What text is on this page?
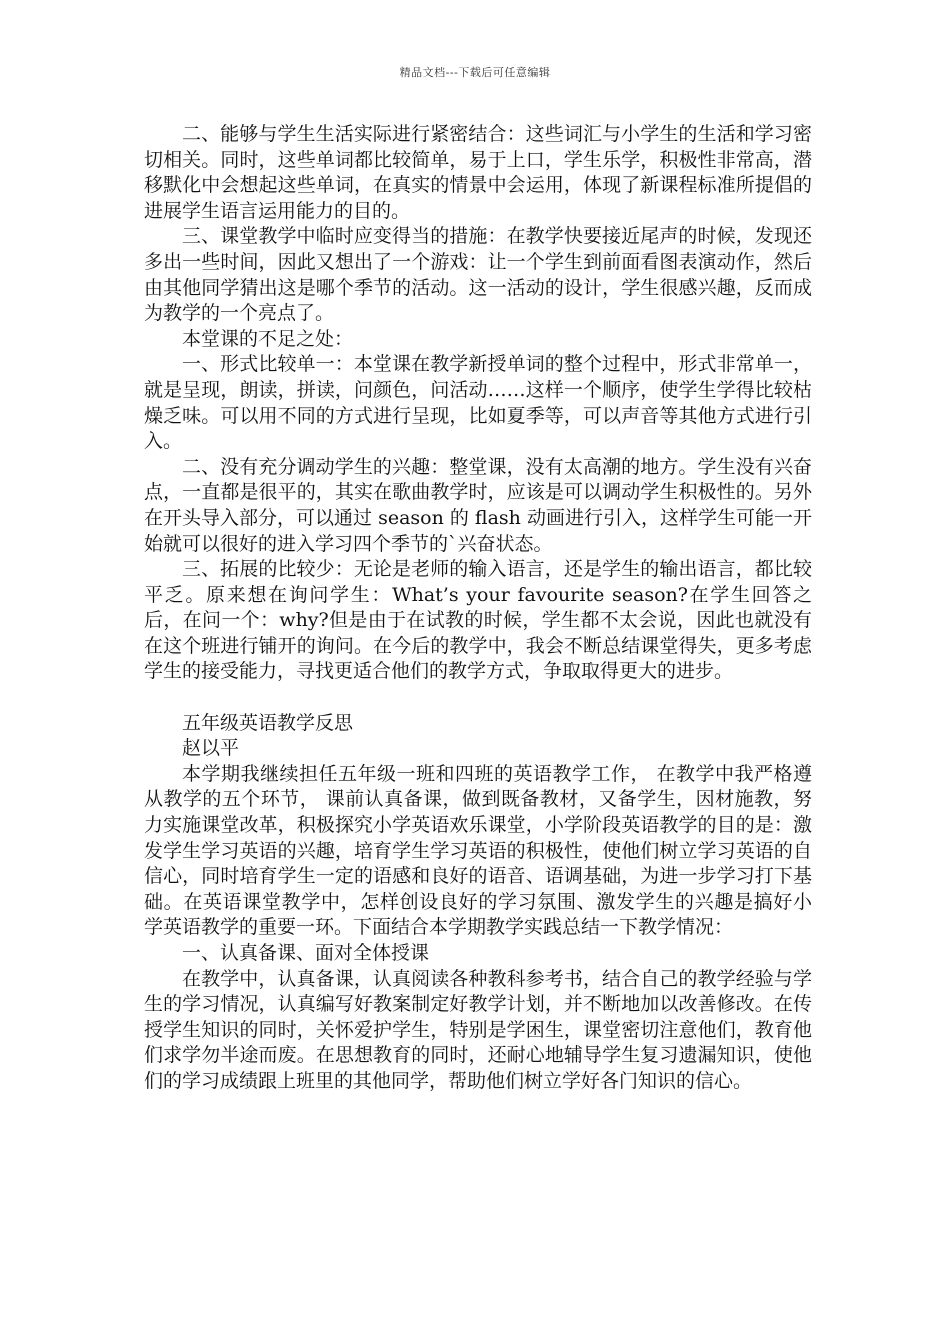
精品文档---下载后可任意编辑

二、能够与学生生活实际进行紧密结合：这些词汇与小学生的生活和学习密切相关。同时，这些单词都比较简单，易于上口，学生乐学，积极性非常高，潜移默化中会想起这些单词，在真实的情景中会运用，体现了新课程标准所提倡的进展学生语言运用能力的目的。

三、课堂教学中临时应变得当的措施：在教学快要接近尾声的时候，发现还多出一些时间，因此又想出了一个游戏：让一个学生到前面看图表演动作，然后由其他同学猜出这是哪个季节的活动。这一活动的设计，学生很感兴趣，反而成为教学的一个亮点了。

本堂课的不足之处：

一、形式比较单一：本堂课在教学新授单词的整个过程中，形式非常单一，就是呈现，朗读，拼读，问颜色，问活动……这样一个顺序，使学生学得比较枯燥乏味。可以用不同的方式进行呈现，比如夏季等，可以声音等其他方式进行引入。

二、没有充分调动学生的兴趣：整堂课，没有太高潮的地方。学生没有兴奋点，一直都是很平的，其实在歌曲教学时，应该是可以调动学生积极性的。另外在开头导入部分，可以通过 season 的 flash 动画进行引入，这样学生可能一开始就可以很好的进入学习四个季节的`兴奋状态。

三、拓展的比较少：无论是老师的输入语言，还是学生的输出语言，都比较平乏。原来想在询问学生：What’s your favourite season?在学生回答之后，在问一个：why?但是由于在试教的时候，学生都不太会说，因此也就没有在这个班进行铺开的询问。在今后的教学中，我会不断总结课堂得失，更多考虑学生的接受能力，寻找更适合他们的教学方式，争取取得更大的进步。

五年级英语教学反思

赵以平

本学期我继续担任五年级一班和四班的英语教学工作， 在教学中我严格遵从教学的五个环节， 课前认真备课，做到既备教材，又备学生，因材施教，努力实施课堂改革，积极探究小学英语欢乐课堂，小学阶段英语教学的目的是：激发学生学习英语的兴趣，培育学生学习英语的积极性，使他们树立学习英语的自信心，同时培育学生一定的语感和良好的语音、语调基础，为进一步学习打下基础。在英语课堂教学中，怎样创设良好的学习氛围、激发学生的兴趣是搞好小 学英语教学的重要一环。下面结合本学期教学实践总结一下教学情况：

一、认真备课、面对全体授课

在教学中，认真备课，认真阅读各种教科参考书，结合自己的教学经验与学生的学习情况，认真编写好教案制定好教学计划，并不断地加以改善修改。在传授学生知识的同时，关怀爱护学生，特别是学困生，课堂密切注意他们，教育他们求学勿半途而废。在思想教育的同时，还耐心地辅导学生复习遗漏知识，使他们的学习成绩跟上班里的其他同学，帮助他们树立学好各门知识的信心。
